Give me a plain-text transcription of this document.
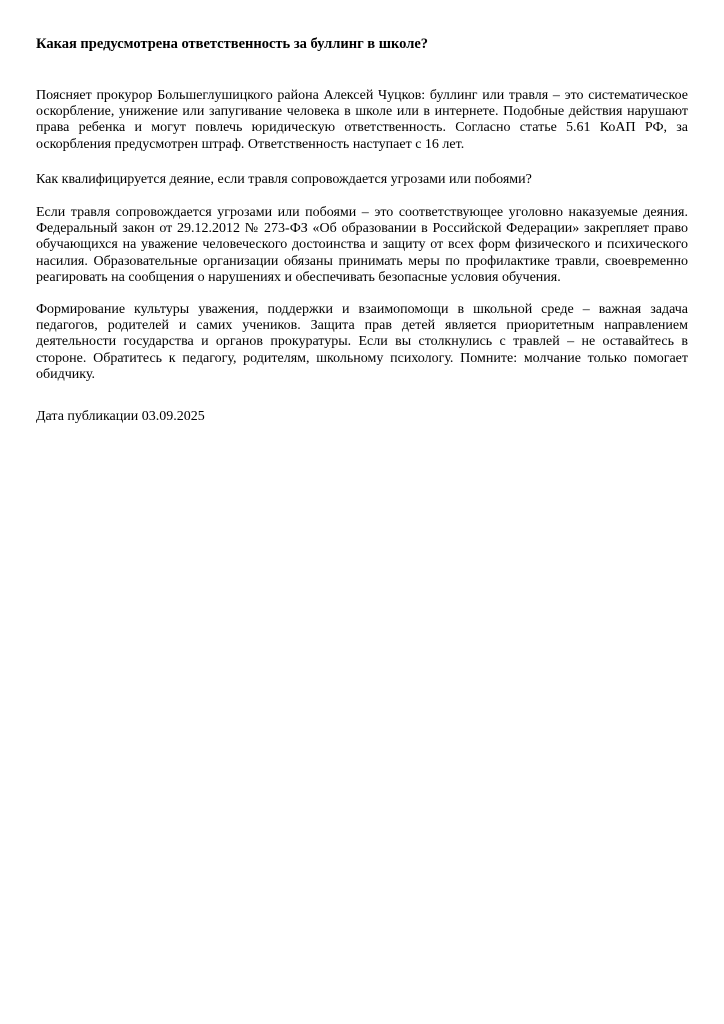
Какая предусмотрена ответственность за буллинг в школе?

Поясняет прокурор Большеглушицкого района Алексей Чуцков: буллинг или травля – это систематическое оскорбление, унижение или запугивание человека в школе или в интернете. Подобные действия нарушают права ребенка и могут повлечь юридическую ответственность. Согласно статье 5.61 КоАП РФ, за оскорбления предусмотрен штраф. Ответственность наступает с 16 лет.

Как квалифицируется деяние, если травля сопровождается угрозами или побоями?

Если травля сопровождается угрозами или побоями – это соответствующее уголовно наказуемые деяния. Федеральный закон от 29.12.2012 № 273-ФЗ «Об образовании в Российской Федерации» закрепляет право обучающихся на уважение человеческого достоинства и защиту от всех форм физического и психического насилия. Образовательные организации обязаны принимать меры по профилактике травли, своевременно реагировать на сообщения о нарушениях и обеспечивать безопасные условия обучения.

Формирование культуры уважения, поддержки и взаимопомощи в школьной среде – важная задача педагогов, родителей и самих учеников. Защита прав детей является приоритетным направлением деятельности государства и органов прокуратуры. Если вы столкнулись с травлей – не оставайтесь в стороне. Обратитесь к педагогу, родителям, школьному психологу. Помните: молчание только помогает обидчику.

Дата публикации 03.09.2025
